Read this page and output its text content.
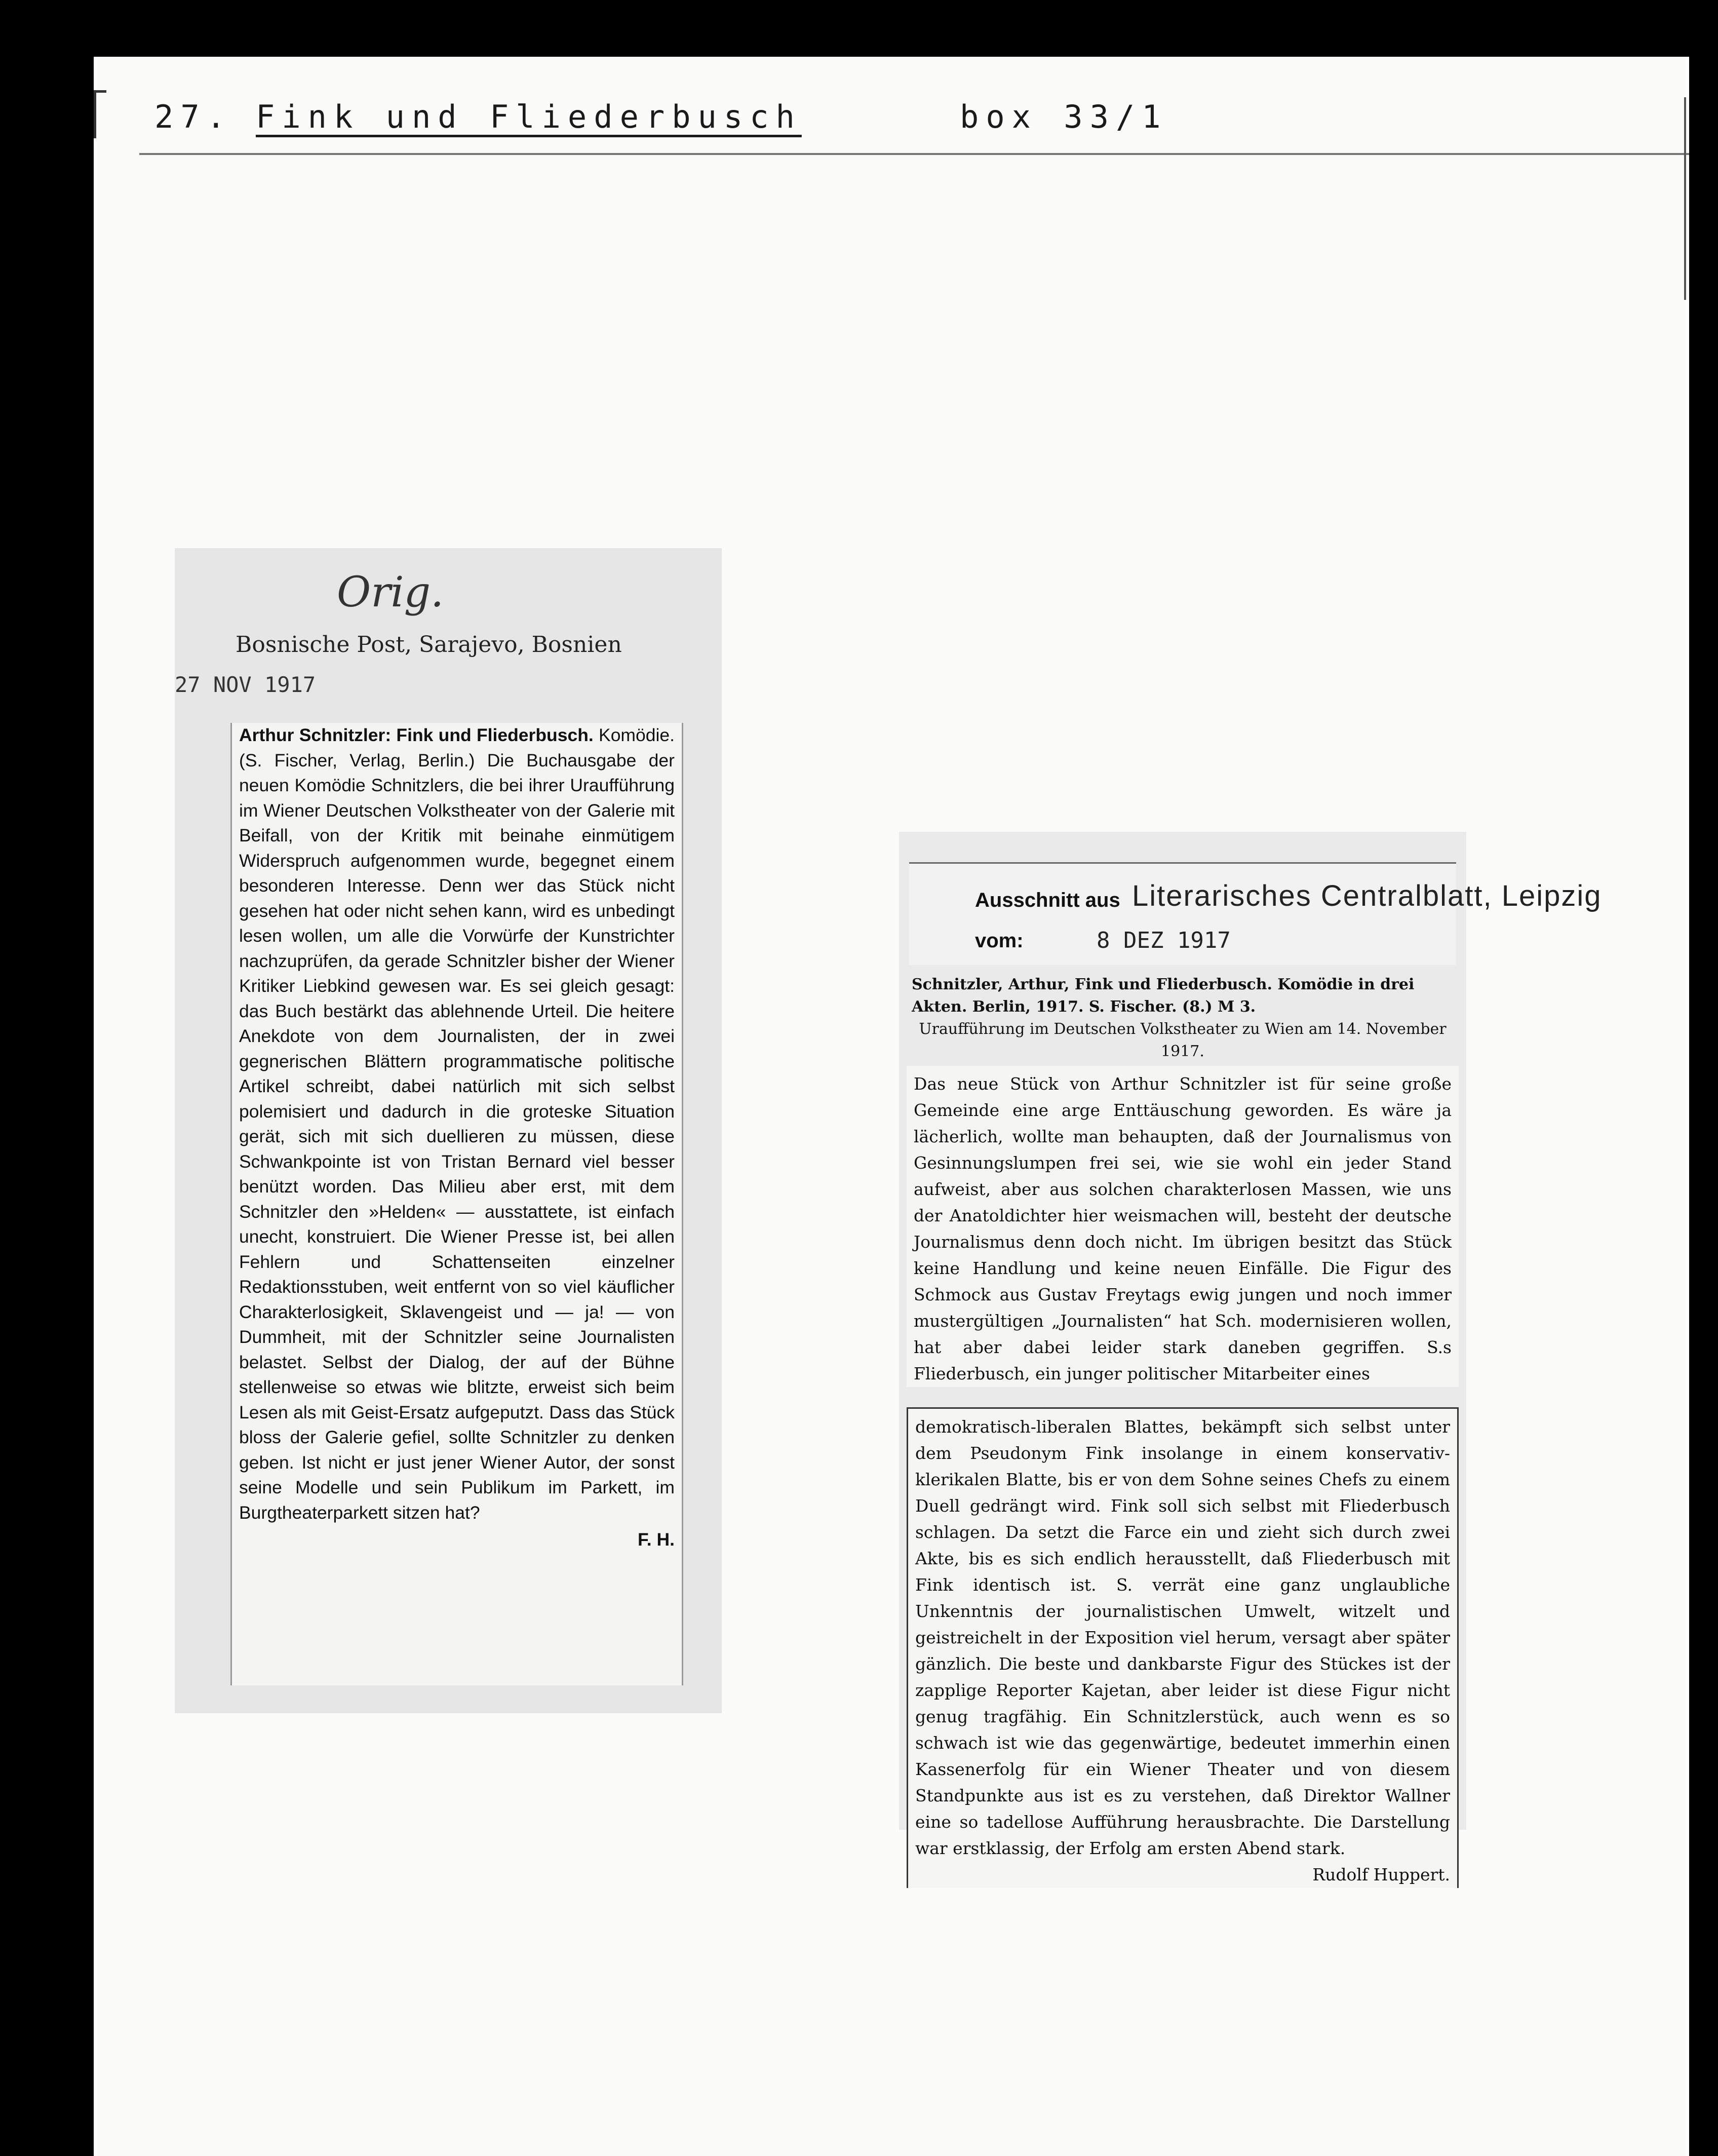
27. Fink und Fliederbusch	box 33/1
Orig.
Bosnische Post, Sarajevo, Bosnien
27 NOV 1917
Arthur Schnitzler: Fink und Fliederbusch. Komödie. (S. Fischer, Verlag, Berlin.) Die Buchausgabe der neuen Komödie Schnitzlers, die bei ihrer Uraufführung im Wiener Deutschen Volkstheater von der Galerie mit Beifall, von der Kritik mit beinahe einmütigem Widerspruch aufgenommen wurde, begegnet einem besonderen Interesse. Denn wer das Stück nicht gesehen hat oder nicht sehen kann, wird es unbedingt lesen wollen, um alle die Vorwürfe der Kunstrichter nachzuprüfen, da gerade Schnitzler bisher der Wiener Kritiker Liebkind gewesen war. Es sei gleich gesagt: das Buch bestärkt das ablehnende Urteil. Die heitere Anekdote von dem Journalisten, der in zwei gegnerischen Blättern programmatische politische Artikel schreibt, dabei natürlich mit sich selbst polemisiert und dadurch in die groteske Situation gerät, sich mit sich duellieren zu müssen, diese Schwankpointe ist von Tristan Bernard viel besser benützt worden. Das Milieu aber erst, mit dem Schnitzler den »Helden« — ausstattete, ist einfach unecht, konstruiert. Die Wiener Presse ist, bei allen Fehlern und Schattenseiten einzelner Redaktionsstuben, weit entfernt von so viel käuflicher Charakterlosigkeit, Sklavengeist und — ja! — von Dummheit, mit der Schnitzler seine Journalisten belastet. Selbst der Dialog, der auf der Bühne stellenweise so etwas wie blitzte, erweist sich beim Lesen als mit Geist-Ersatz aufgeputzt. Dass das Stück bloss der Galerie gefiel, sollte Schnitzler zu denken geben. Ist nicht er just jener Wiener Autor, der sonst seine Modelle und sein Publikum im Parkett, im Burgtheaterparkett sitzen hat?
F. H.
Ausschnitt aus Literarisches Centralblatt, Leipzig
vom:	8 DEZ 1917
Schnitzler, Arthur, Fink und Fliederbusch. Komödie in drei Akten. Berlin, 1917. S. Fischer. (8.) M 3.
Uraufführung im Deutschen Volkstheater zu Wien am 14. November 1917.
Das neue Stück von Arthur Schnitzler ist für seine große Gemeinde eine arge Enttäuschung geworden. Es wäre ja lächerlich, wollte man behaupten, daß der Journalismus von Gesinnungslumpen frei sei, wie sie wohl ein jeder Stand aufweist, aber aus solchen charakterlosen Massen, wie uns der Anatoldichter hier weismachen will, besteht der deutsche Journalismus denn doch nicht. Im übrigen besitzt das Stück keine Handlung und keine neuen Einfälle. Die Figur des Schmock aus Gustav Freytags ewig jungen und noch immer mustergültigen „Journalisten“ hat Sch. modernisieren wollen, hat aber dabei leider stark daneben gegriffen. S.s Fliederbusch, ein junger politischer Mitarbeiter eines
demokratisch-liberalen Blattes, bekämpft sich selbst unter dem Pseudonym Fink insolange in einem konservativ-klerikalen Blatte, bis er von dem Sohne seines Chefs zu einem Duell gedrängt wird. Fink soll sich selbst mit Fliederbusch schlagen. Da setzt die Farce ein und zieht sich durch zwei Akte, bis es sich endlich herausstellt, daß Fliederbusch mit Fink identisch ist. S. verrät eine ganz unglaubliche Unkenntnis der journalistischen Umwelt, witzelt und geistreichelt in der Exposition viel herum, versagt aber später gänzlich. Die beste und dankbarste Figur des Stückes ist der zapplige Reporter Kajetan, aber leider ist diese Figur nicht genug tragfähig. Ein Schnitzlerstück, auch wenn es so schwach ist wie das gegenwärtige, bedeutet immerhin einen Kassenerfolg für ein Wiener Theater und von diesem Standpunkte aus ist es zu verstehen, daß Direktor Wallner eine so tadellose Aufführung herausbrachte. Die Darstellung war erstklassig, der Erfolg am ersten Abend stark.
Rudolf Huppert.
